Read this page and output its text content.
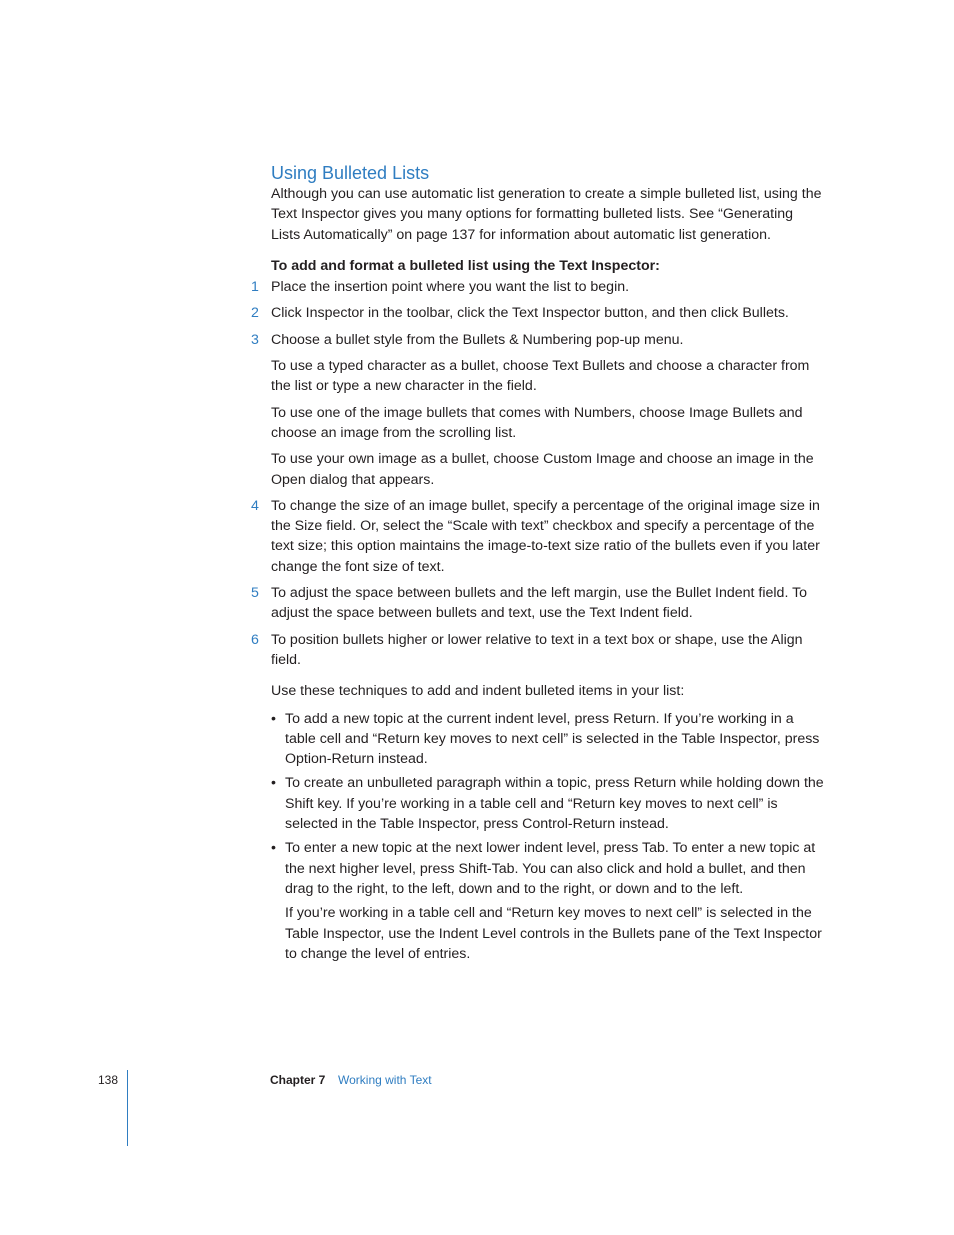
Using Bulleted Lists

Although you can use automatic list generation to create a simple bulleted list, using the Text Inspector gives you many options for formatting bulleted lists. See “Generating Lists Automatically” on page 137 for information about automatic list generation.

To add and format a bulleted list using the Text Inspector:

1 Place the insertion point where you want the list to begin.
2 Click Inspector in the toolbar, click the Text Inspector button, and then click Bullets.
3 Choose a bullet style from the Bullets & Numbering pop-up menu.

To use a typed character as a bullet, choose Text Bullets and choose a character from the list or type a new character in the field.

To use one of the image bullets that comes with Numbers, choose Image Bullets and choose an image from the scrolling list.

To use your own image as a bullet, choose Custom Image and choose an image in the Open dialog that appears.

4 To change the size of an image bullet, specify a percentage of the original image size in the Size field. Or, select the “Scale with text” checkbox and specify a percentage of the text size; this option maintains the image-to-text size ratio of the bullets even if you later change the font size of text.
5 To adjust the space between bullets and the left margin, use the Bullet Indent field. To adjust the space between bullets and text, use the Text Indent field.
6 To position bullets higher or lower relative to text in a text box or shape, use the Align field.

Use these techniques to add and indent bulleted items in your list:

• To add a new topic at the current indent level, press Return. If you’re working in a table cell and “Return key moves to next cell” is selected in the Table Inspector, press Option-Return instead.
• To create an unbulleted paragraph within a topic, press Return while holding down the Shift key. If you’re working in a table cell and “Return key moves to next cell” is selected in the Table Inspector, press Control-Return instead.
• To enter a new topic at the next lower indent level, press Tab. To enter a new topic at the next higher level, press Shift-Tab. You can also click and hold a bullet, and then drag to the right, to the left, down and to the right, or down and to the left.

If you’re working in a table cell and “Return key moves to next cell” is selected in the Table Inspector, use the Indent Level controls in the Bullets pane of the Text Inspector to change the level of entries.

138	Chapter 7 Working with Text
